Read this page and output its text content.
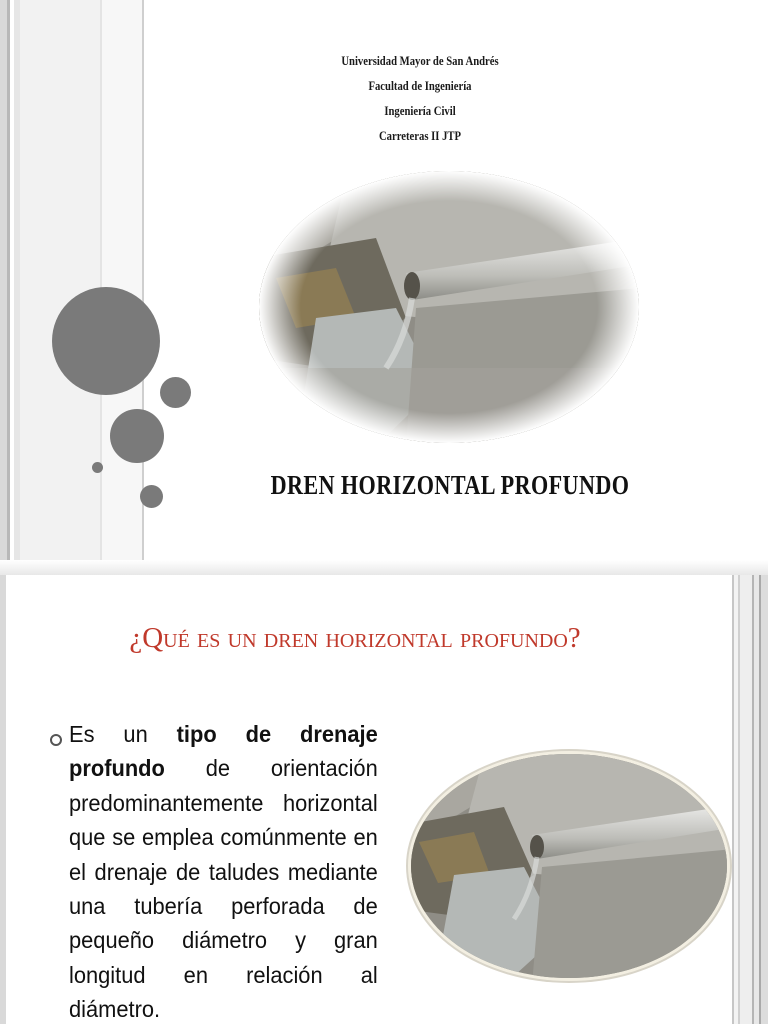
Universidad Mayor de San Andrés
Facultad de Ingeniería
Ingeniería Civil
Carreteras II JTP
DREN HORIZONTAL PROFUNDO
¿Qué es un dren horizontal profundo?
Es un tipo de drenaje profundo de orientación predominantemente horizontal que se emplea comúnmente en el drenaje de taludes mediante una tubería perforada de pequeño diámetro y gran longitud en relación al diámetro.
